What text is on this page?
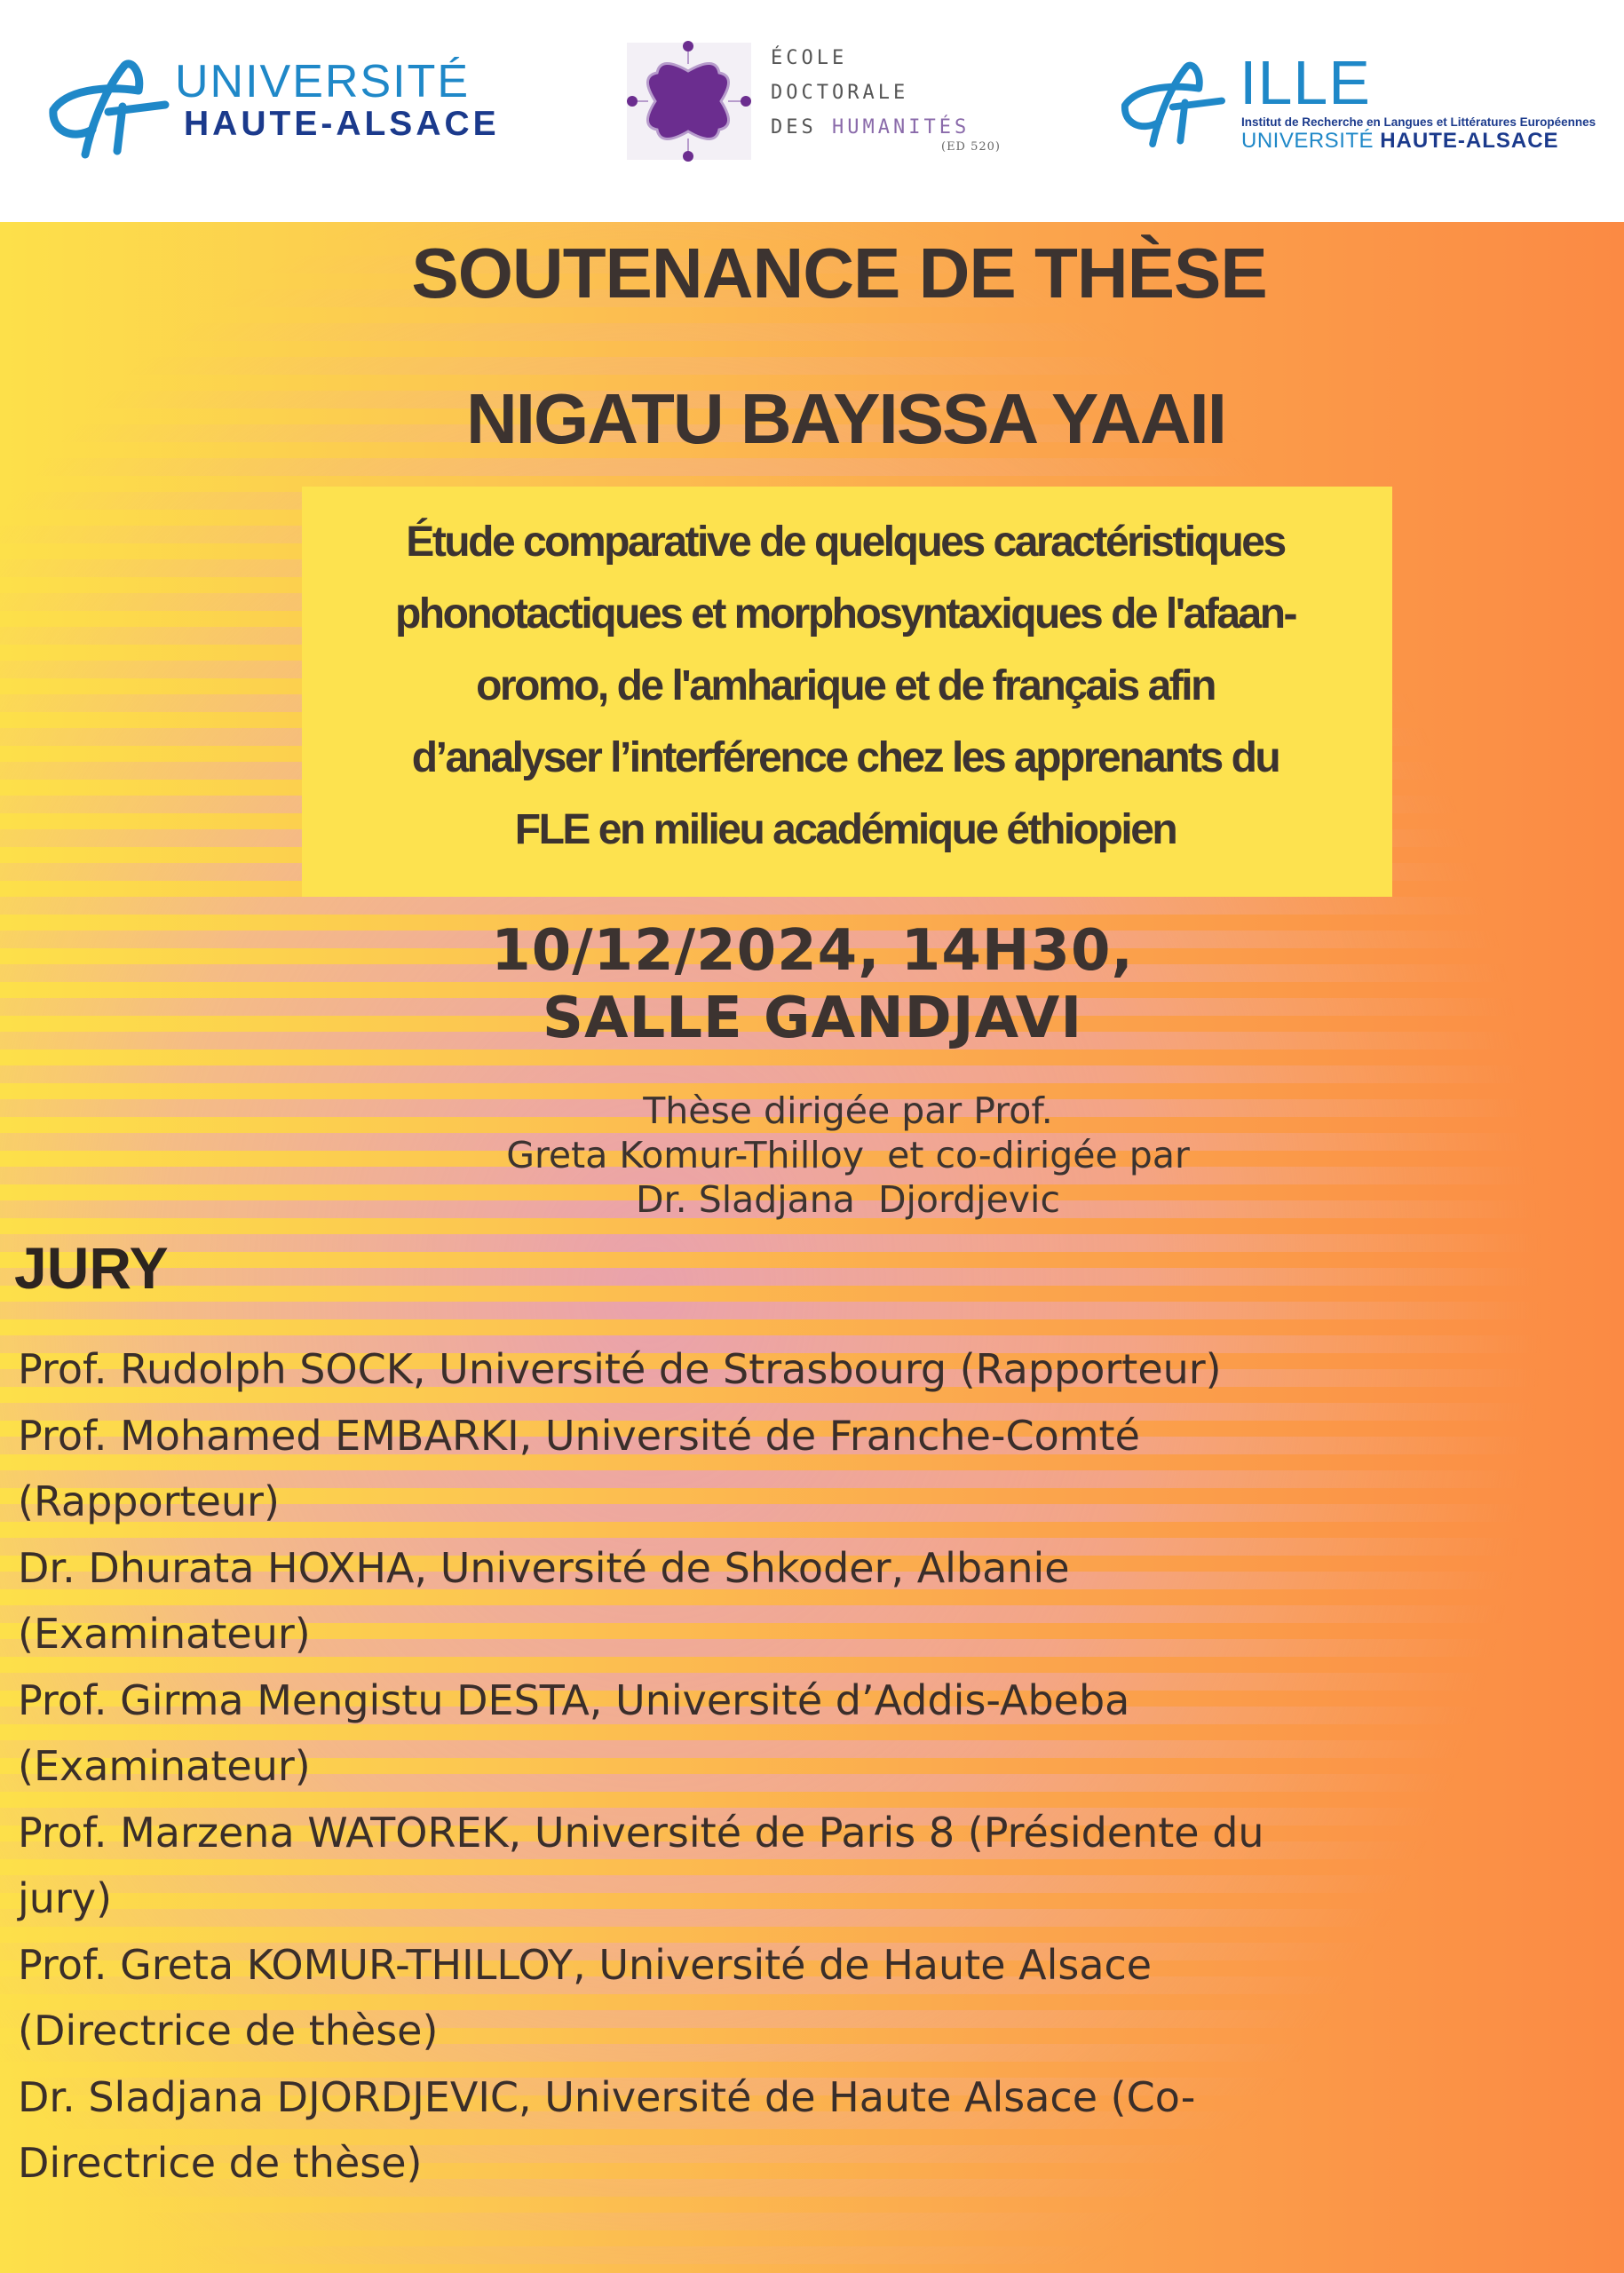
UNIVERSITÉ
HAUTE-ALSACE
ÉCOLE
DOCTORALE
DES HUMANITÉS
(ED 520)
ILLE
Institut de Recherche en Langues et Littératures Européennes
UNIVERSITÉ HAUTE-ALSACE
SOUTENANCE DE THÈSE
NIGATU BAYISSA YAAII
Étude comparative de quelques caractéristiques
phonotactiques et morphosyntaxiques de l'afaan-
oromo, de l'amharique et de français afin
d’analyser l’interférence chez les apprenants du
FLE en milieu académique éthiopien
10/12/2024, 14H30,
SALLE GANDJAVI
Thèse dirigée par Prof.
Greta Komur-Thilloy  et co-dirigée par
Dr. Sladjana  Djordjevic
JURY
Prof. Rudolph SOCK, Université de Strasbourg (Rapporteur)
Prof. Mohamed EMBARKI, Université de Franche-Comté
(Rapporteur)
Dr. Dhurata HOXHA, Université de Shkoder, Albanie
(Examinateur)
Prof. Girma Mengistu DESTA, Université d’Addis-Abeba
(Examinateur)
Prof. Marzena WATOREK, Université de Paris 8 (Présidente du
jury)
Prof. Greta KOMUR-THILLOY, Université de Haute Alsace
(Directrice de thèse)
Dr. Sladjana DJORDJEVIC, Université de Haute Alsace (Co-
Directrice de thèse)
